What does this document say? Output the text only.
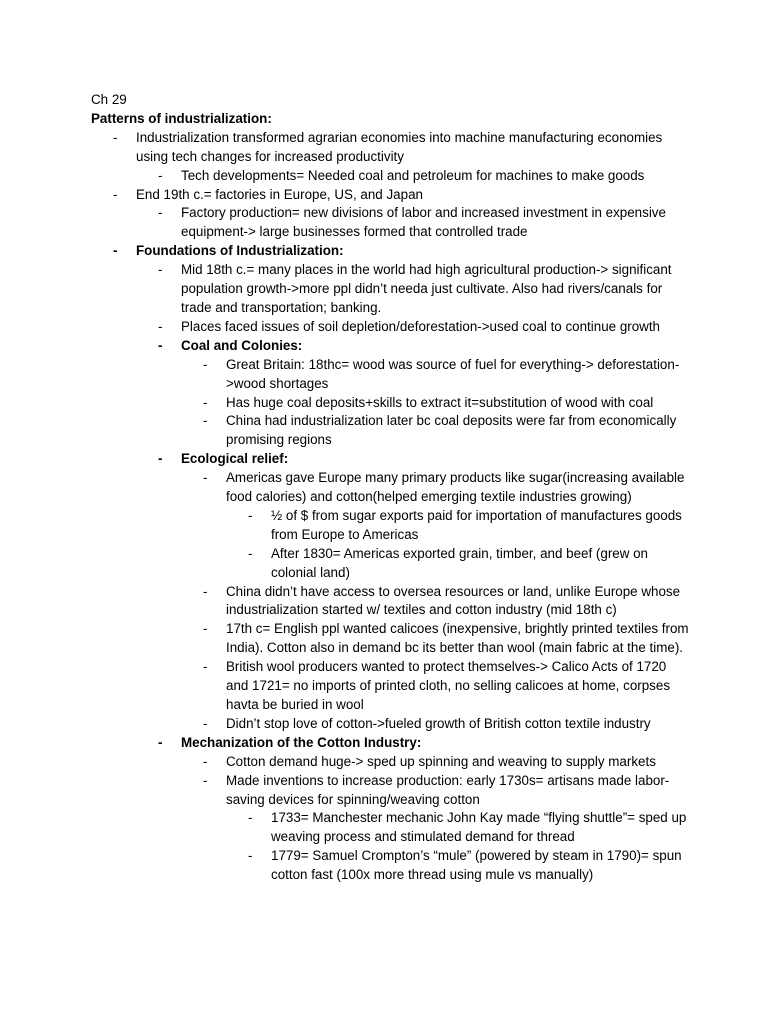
Ch 29
Patterns of industrialization:
-	Industrialization transformed agrarian economies into machine manufacturing economies using tech changes for increased productivity
-	Tech developments= Needed coal and petroleum for machines to make goods
-	End 19th c.= factories in Europe, US, and Japan
-	Factory production= new divisions of labor and increased investment in expensive equipment-> large businesses formed that controlled trade
-	Foundations of Industrialization:
-	Mid 18th c.= many places in the world had high agricultural production-> significant population growth->more ppl didn’t needa just cultivate. Also had rivers/canals for trade and transportation; banking.
-	Places faced issues of soil depletion/deforestation->used coal to continue growth
-	Coal and Colonies:
-	Great Britain: 18thc= wood was source of fuel for everything-> deforestation->wood shortages
-	Has huge coal deposits+skills to extract it=substitution of wood with coal
-	China had industrialization later bc coal deposits were far from economically promising regions
-	Ecological relief:
-	Americas gave Europe many primary products like sugar(increasing available food calories) and cotton(helped emerging textile industries growing)
-	½ of $ from sugar exports paid for importation of manufactures goods from Europe to Americas
-	After 1830= Americas exported grain, timber, and beef (grew on colonial land)
-	China didn’t have access to oversea resources or land, unlike Europe whose industrialization started w/ textiles and cotton industry (mid 18th c)
-	17th c= English ppl wanted calicoes (inexpensive, brightly printed textiles from India). Cotton also in demand bc its better than wool (main fabric at the time).
-	British wool producers wanted to protect themselves-> Calico Acts of 1720 and 1721= no imports of printed cloth, no selling calicoes at home, corpses havta be buried in wool
-	Didn’t stop love of cotton->fueled growth of British cotton textile industry
-	Mechanization of the Cotton Industry:
-	Cotton demand huge-> sped up spinning and weaving to supply markets
-	Made inventions to increase production: early 1730s= artisans made labor-saving devices for spinning/weaving cotton
-	1733= Manchester mechanic John Kay made “flying shuttle”= sped up weaving process and stimulated demand for thread
-	1779= Samuel Crompton’s “mule” (powered by steam in 1790)= spun cotton fast (100x more thread using mule vs manually)
